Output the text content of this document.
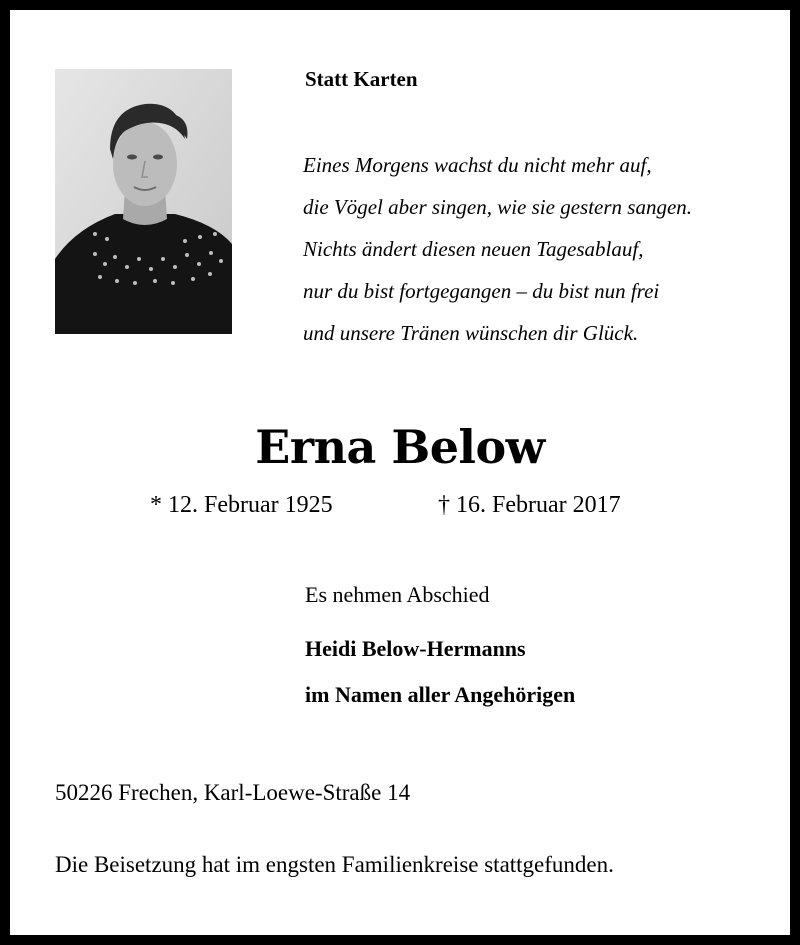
Statt Karten
Eines Morgens wachst du nicht mehr auf,
die Vögel aber singen, wie sie gestern sangen.
Nichts ändert diesen neuen Tagesablauf,
nur du bist fortgegangen – du bist nun frei
und unsere Tränen wünschen dir Glück.
Erna Below
* 12. Februar 1925	† 16. Februar 2017
Es nehmen Abschied
Heidi Below-Hermanns
im Namen aller Angehörigen
50226 Frechen, Karl-Loewe-Straße 14
Die Beisetzung hat im engsten Familienkreise stattgefunden.
